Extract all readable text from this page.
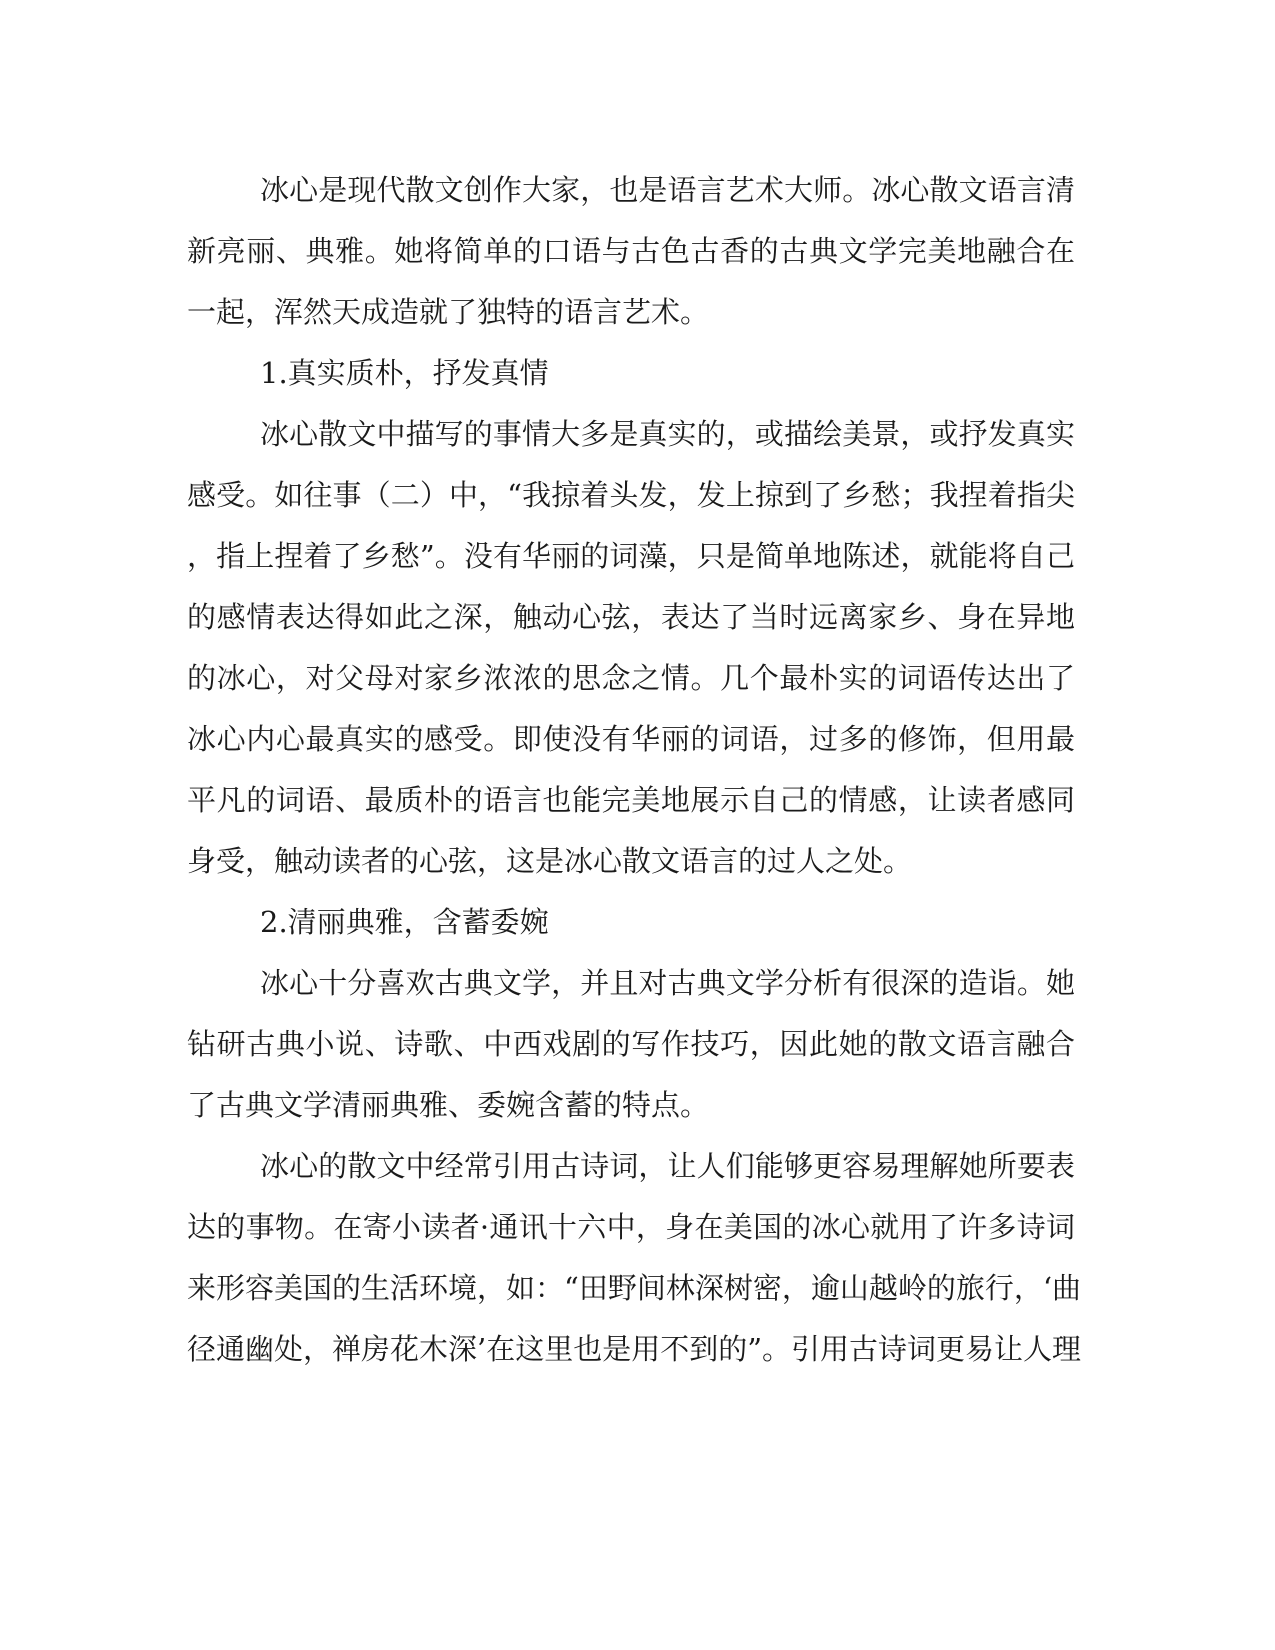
冰心是现代散文创作大家，也是语言艺术大师。冰心散文语言清
新亮丽、典雅。她将简单的口语与古色古香的古典文学完美地融合在
一起，浑然天成造就了独特的语言艺术。
1.真实质朴，抒发真情
冰心散文中描写的事情大多是真实的，或描绘美景，或抒发真实
感受。如往事（二）中，“我掠着头发，发上掠到了乡愁；我捏着指尖
，指上捏着了乡愁”。没有华丽的词藻，只是简单地陈述，就能将自己
的感情表达得如此之深，触动心弦，表达了当时远离家乡、身在异地
的冰心，对父母对家乡浓浓的思念之情。几个最朴实的词语传达出了
冰心内心最真实的感受。即使没有华丽的词语，过多的修饰，但用最
平凡的词语、最质朴的语言也能完美地展示自己的情感，让读者感同
身受，触动读者的心弦，这是冰心散文语言的过人之处。
2.清丽典雅，含蓄委婉
冰心十分喜欢古典文学，并且对古典文学分析有很深的造诣。她
钻研古典小说、诗歌、中西戏剧的写作技巧，因此她的散文语言融合
了古典文学清丽典雅、委婉含蓄的特点。
冰心的散文中经常引用古诗词，让人们能够更容易理解她所要表
达的事物。在寄小读者·通讯十六中，身在美国的冰心就用了许多诗词
来形容美国的生活环境，如：“田野间林深树密，逾山越岭的旅行，‘曲
径通幽处，禅房花木深’在这里也是用不到的”。引用古诗词更易让人理
